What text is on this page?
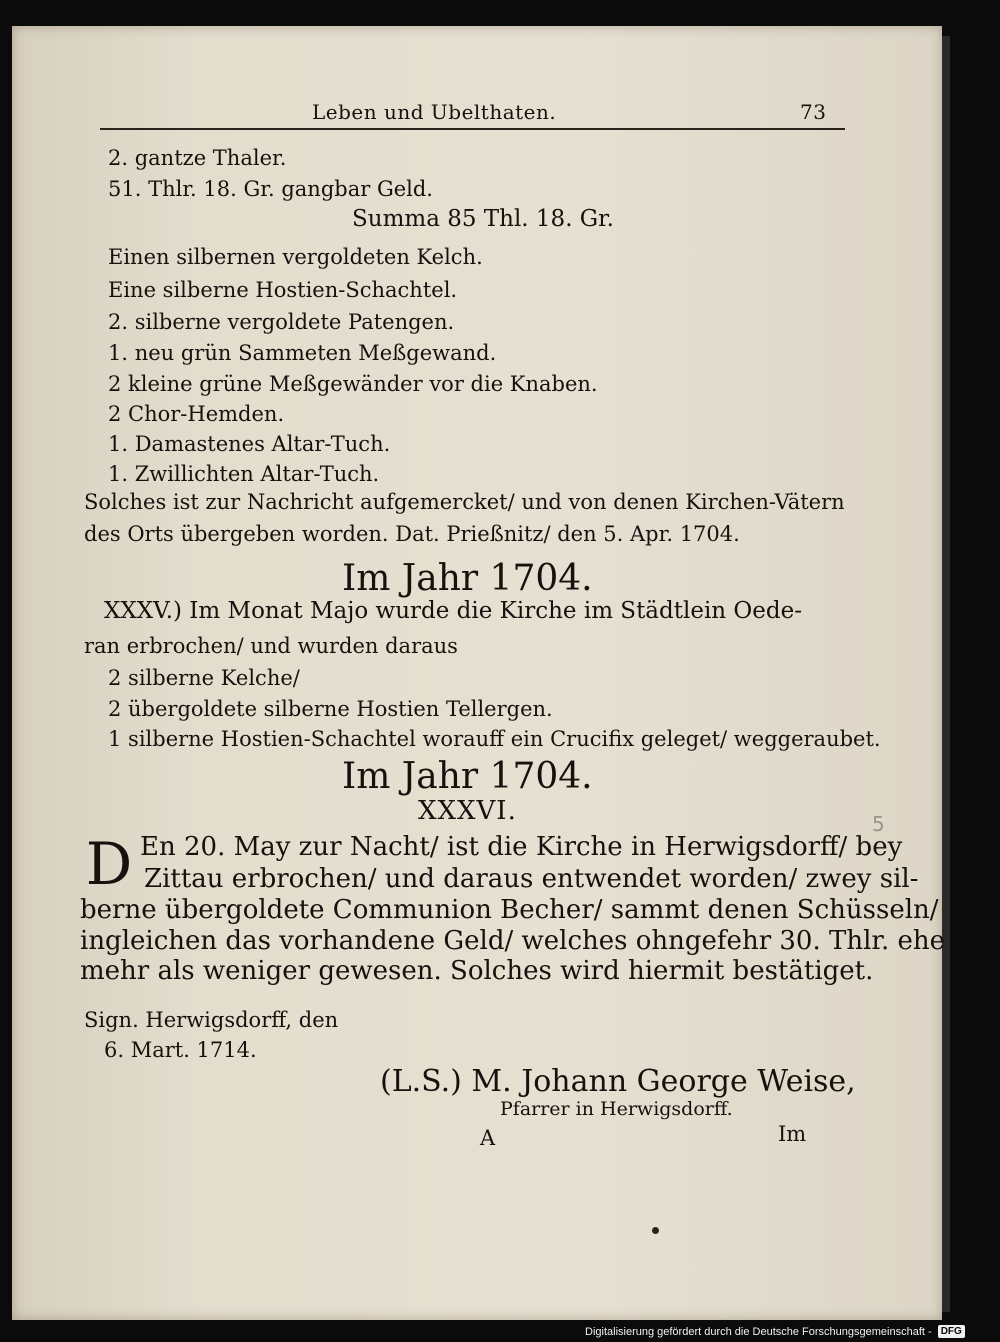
Leben und Ubelthaten.	73
2. gantze Thaler.
51. Thlr. 18. Gr. gangbar Geld.
Summa 85 Thl. 18. Gr.
Einen silbernen vergoldeten Kelch.
Eine silberne Hostien-Schachtel.
2. silberne vergoldete Patengen.
1. neu grün Sammeten Meßgewand.
2 kleine grüne Meßgewänder vor die Knaben.
2 Chor-Hemden.
1. Damastenes Altar-Tuch.
1. Zwillichten Altar-Tuch.
Solches ist zur Nachricht aufgemercket/ und von denen Kirchen-Vätern
des Orts übergeben worden. Dat. Prießnitz/ den 5. Apr. 1704.
Im Jahr 1704.
XXXV.) Im Monat Majo wurde die Kirche im Städtlein Oede-
ran erbrochen/ und wurden daraus
2 silberne Kelche/
2 übergoldete silberne Hostien Tellergen.
1 silberne Hostien-Schachtel worauff ein Crucifix geleget/ weggeraubet.
Im Jahr 1704.
XXXVI.
D En 20. May zur Nacht/ ist die Kirche in Herwigsdorff/ bey
Zittau erbrochen/ und daraus entwendet worden/ zwey sil-
berne übergoldete Communion Becher/ sammt denen Schüsseln/
ingleichen das vorhandene Geld/ welches ohngefehr 30. Thlr. ehe
mehr als weniger gewesen. Solches wird hiermit bestätiget.
Sign. Herwigsdorff, den
6. Mart. 1714.
(L.S.) M. Johann George Weise,
Pfarrer in Herwigsdorff.
A	Im
5
Digitalisierung gefördert durch die Deutsche Forschungsgemeinschaft - DFG
